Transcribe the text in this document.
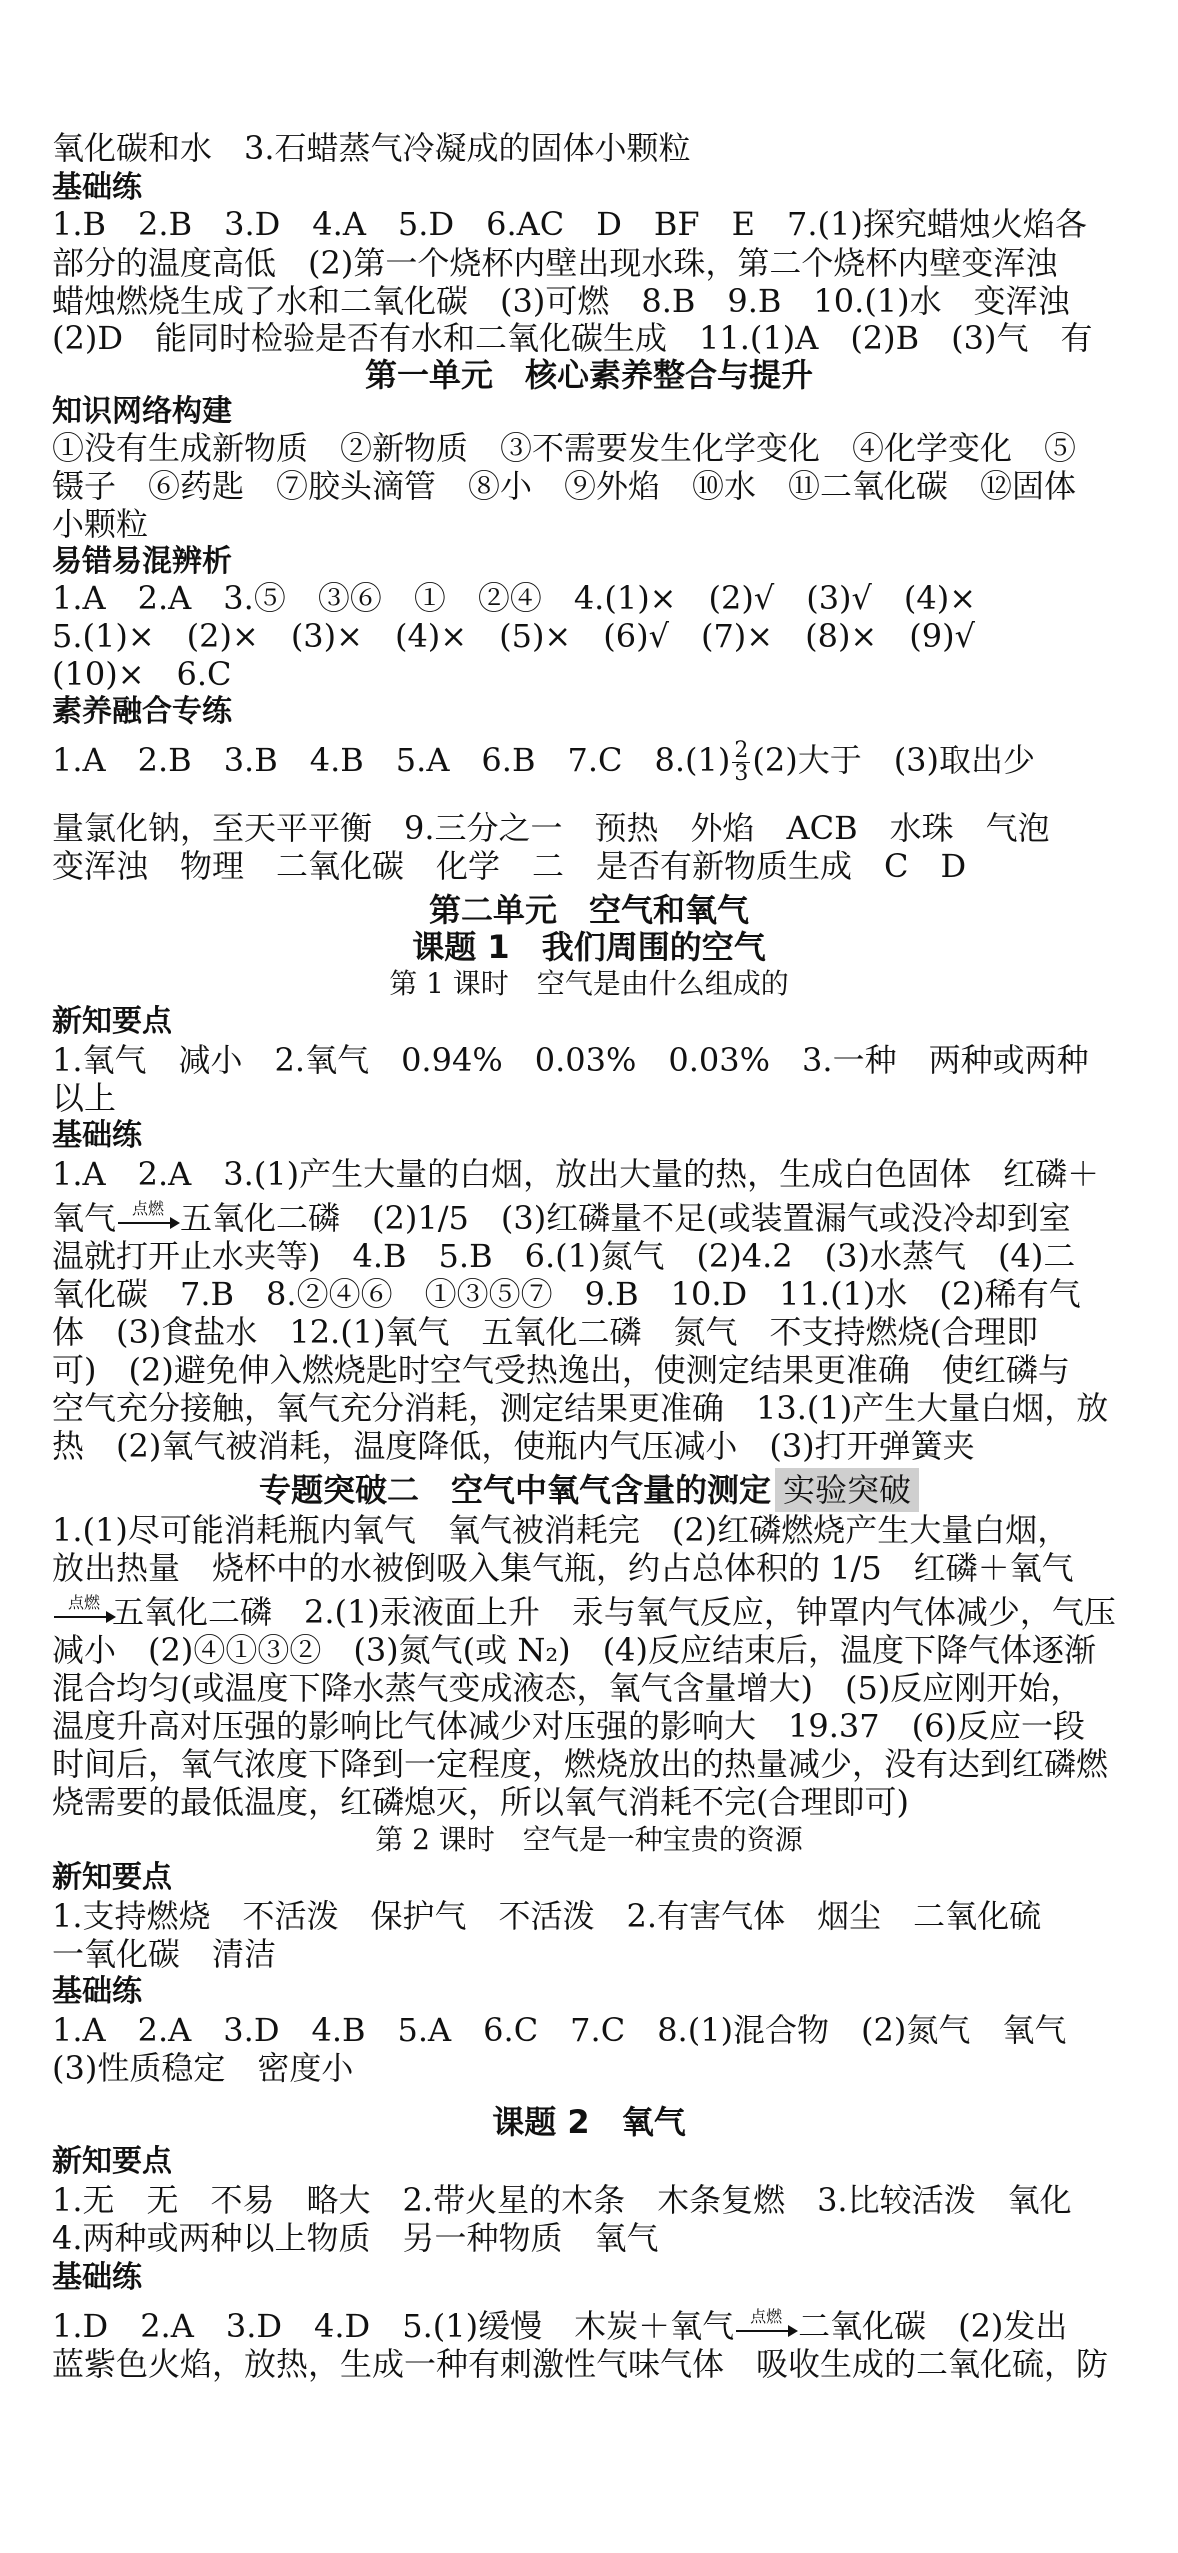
氧化碳和水　3.石蜡蒸气冷凝成的固体小颗粒
基础练
1.B　2.B　3.D　4.A　5.D　6.AC　D　BF　E　7.(1)探究蜡烛火焰各
部分的温度高低　(2)第一个烧杯内壁出现水珠，第二个烧杯内壁变浑浊
蜡烛燃烧生成了水和二氧化碳　(3)可燃　8.B　9.B　10.(1)水　变浑浊
(2)D　能同时检验是否有水和二氧化碳生成　11.(1)A　(2)B　(3)气　有
第一单元　核心素养整合与提升
知识网络构建
①没有生成新物质　②新物质　③不需要发生化学变化　④化学变化　⑤
镊子　⑥药匙　⑦胶头滴管　⑧小　⑨外焰　⑩水　⑪二氧化碳　⑫固体
小颗粒
易错易混辨析
1.A　2.A　3.⑤　③⑥　①　②④　4.(1)×　(2)√　(3)√　(4)×
5.(1)×　(2)×　(3)×　(4)×　(5)×　(6)√　(7)×　(8)×　(9)√
(10)×　6.C
素养融合专练
1.A　2.B　3.B　4.B　5.A　6.B　7.C　$8.(1) \frac{2}{3} (2)$大于　(3)取出少
量氯化钠，至天平平衡　9.三分之一　预热　外焰　ACB　水珠　气泡
变浑浊　物理　二氧化碳　化学　二　是否有新物质生成　C　D
第二单元　空气和氧气
课题 1　我们周围的空气
第 1 课时　空气是由什么组成的
新知要点
1.氧气　减小　2.氧气　0.94%　0.03%　0.03%　3.一种　两种或两种
以上
基础练
1.A　2.A　3.(1)产生大量的白烟，放出大量的热，生成白色固体　红磷＋
氧气 点燃 五氧化二磷　(2)1/5　(3)红磷量不足(或装置漏气或没冷却到室
温就打开止水夹等)　4.B　5.B　6.(1)氮气　(2)4.2　(3)水蒸气　(4)二
氧化碳　7.B　8.②④⑥　①③⑤⑦　9.B　10.D　11.(1)水　(2)稀有气
体　(3)食盐水　12.(1)氧气　五氧化二磷　氮气　不支持燃烧(合理即
可)　(2)避免伸入燃烧匙时空气受热逸出，使测定结果更准确　使红磷与
空气充分接触，氧气充分消耗，测定结果更准确　13.(1)产生大量白烟，放
热　(2)氧气被消耗，温度降低，使瓶内气压减小　(3)打开弹簧夹
专题突破二　空气中氧气含量的测定 实验突破
1.(1)尽可能消耗瓶内氧气　氧气被消耗完　(2)红磷燃烧产生大量白烟，
放出热量　烧杯中的水被倒吸入集气瓶，约占总体积的 1/5　红磷＋氧气
点燃 五氧化二磷　2.(1)汞液面上升　汞与氧气反应，钟罩内气体减少，气压
减小　(2)④①③②　(3)氮气(或 N₂)　(4)反应结束后，温度下降气体逐渐
混合均匀(或温度下降水蒸气变成液态，氧气含量增大)　(5)反应刚开始，
温度升高对压强的影响比气体减少对压强的影响大　19.37　(6)反应一段
时间后，氧气浓度下降到一定程度，燃烧放出的热量减少，没有达到红磷燃
烧需要的最低温度，红磷熄灭，所以氧气消耗不完(合理即可)
第 2 课时　空气是一种宝贵的资源
新知要点
1.支持燃烧　不活泼　保护气　不活泼　2.有害气体　烟尘　二氧化硫
一氧化碳　清洁
基础练
1.A　2.A　3.D　4.B　5.A　6.C　7.C　8.(1)混合物　(2)氮气　氧气
(3)性质稳定　密度小
课题 2　氧气
新知要点
1.无　无　不易　略大　2.带火星的木条　木条复燃　3.比较活泼　氧化
4.两种或两种以上物质　另一种物质　氧气
基础练
1.D　2.A　3.D　4.D　5.(1)缓慢　木炭＋氧气 点燃 二氧化碳　(2)发出
蓝紫色火焰，放热，生成一种有刺激性气味气体　吸收生成的二氧化硫，防
